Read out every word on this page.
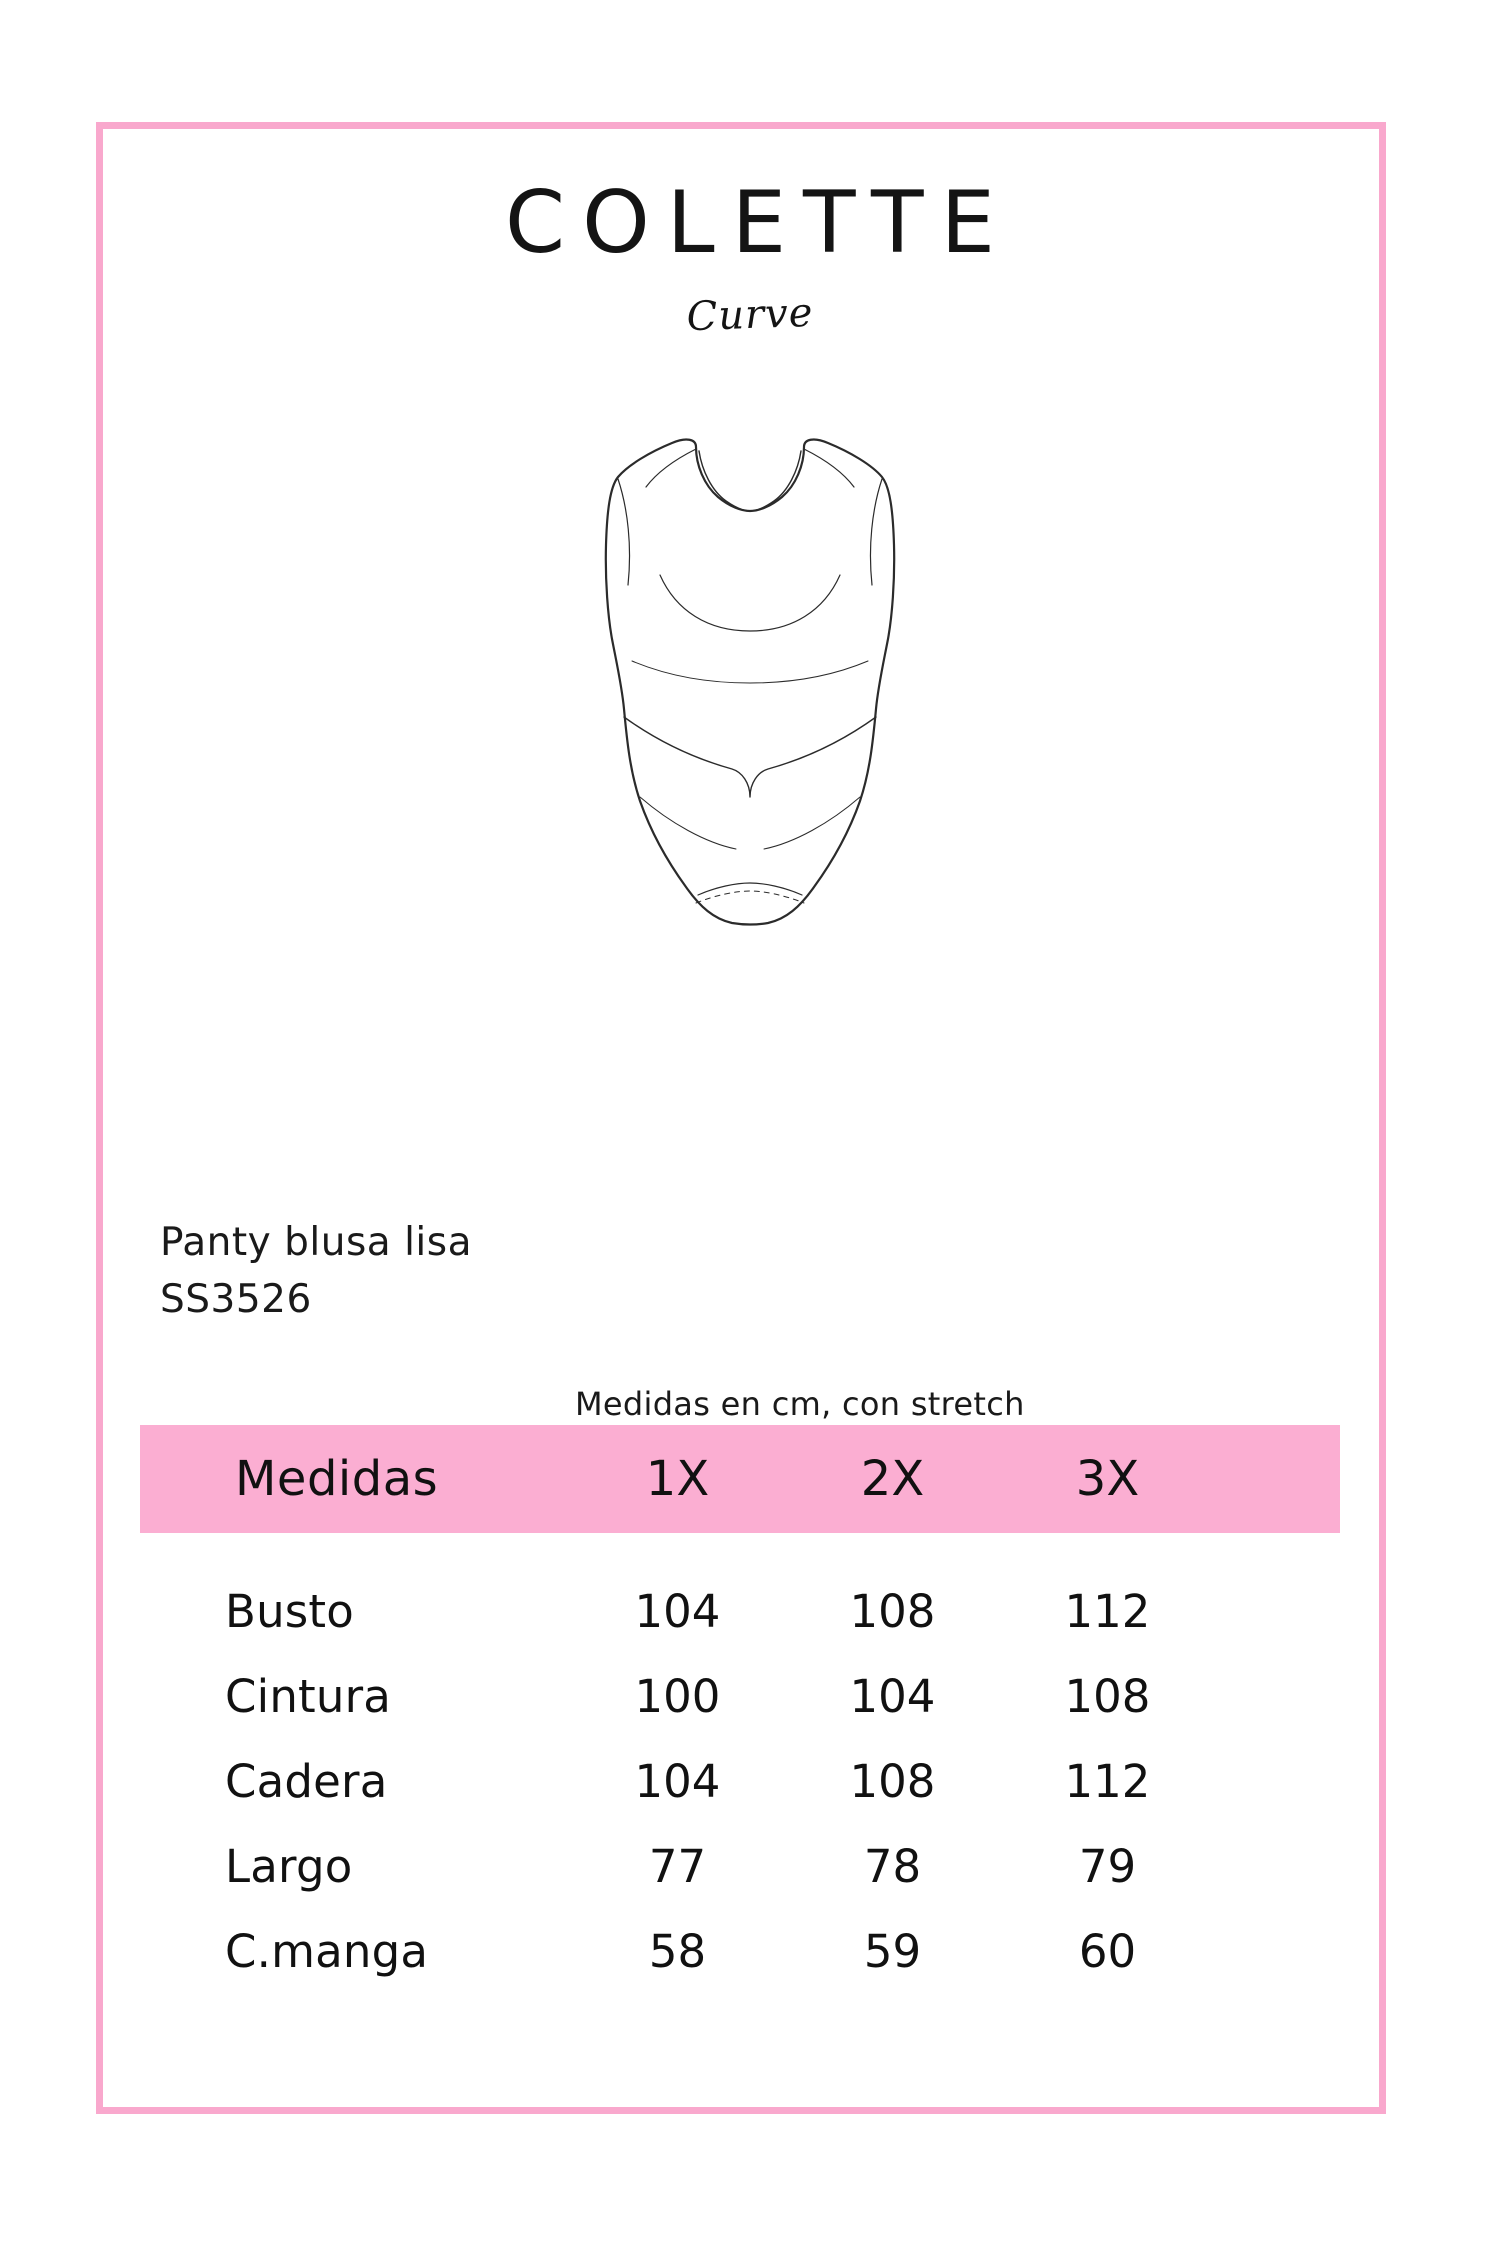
COLETTE
Curve
Panty blusa lisa
SS3526
Medidas en cm, con stretch
Medidas	1X	2X	3X
Busto	104	108	112
Cintura	100	104	108
Cadera	104	108	112
Largo	77	78	79
C.manga	58	59	60
